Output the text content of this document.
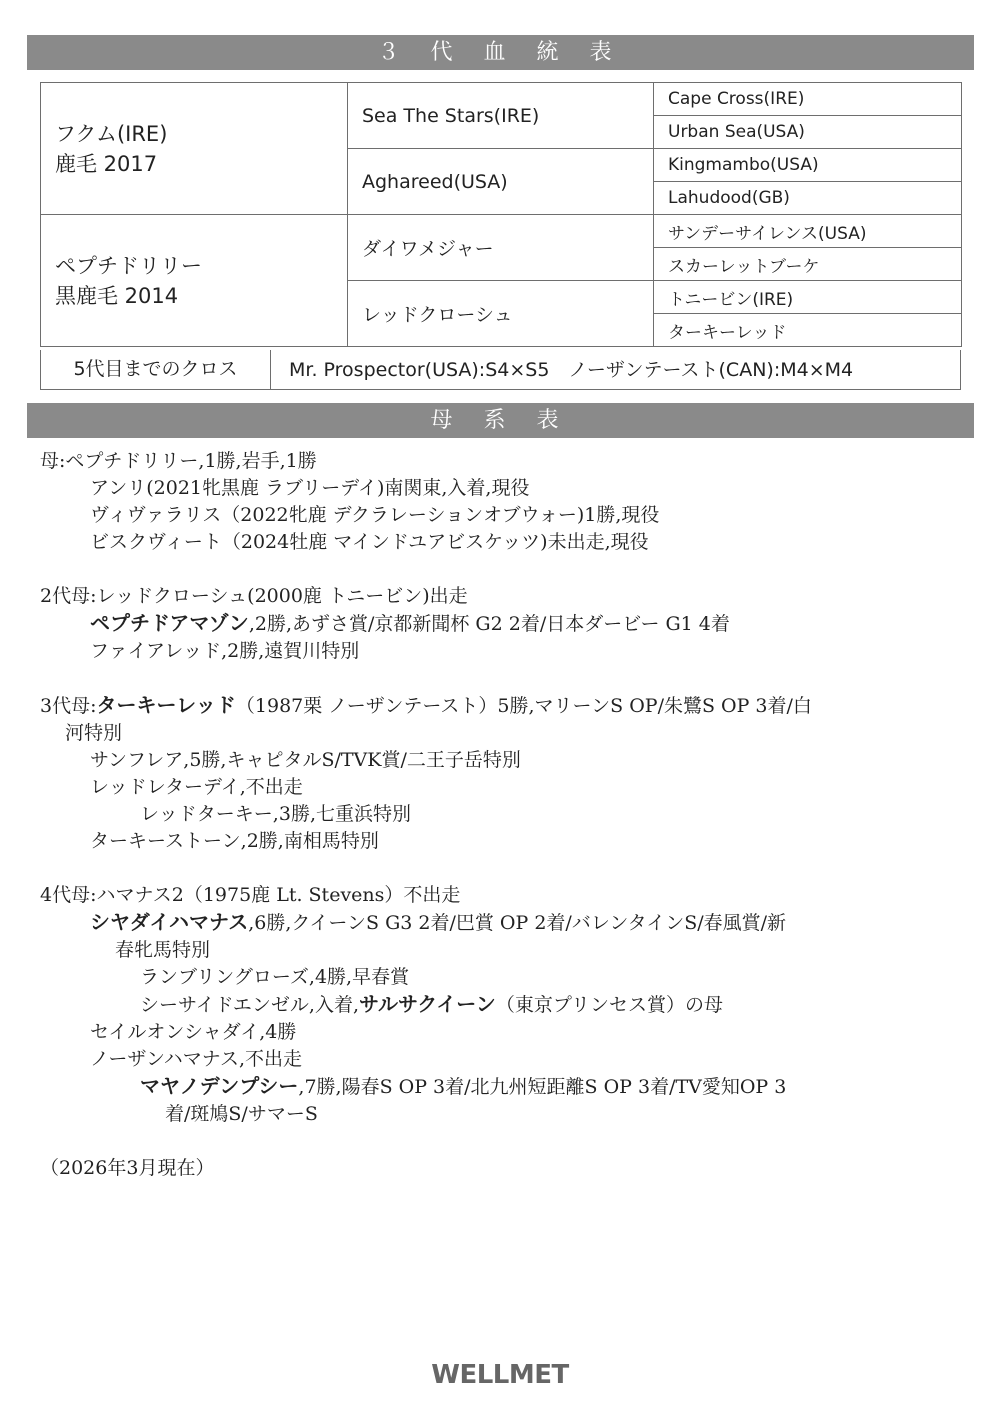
３ 代 血 統 表
フクム(IRE)
鹿毛 2017	Sea The Stars(IRE)	Cape Cross(IRE)
		Urban Sea(USA)
	Aghareed(USA)	Kingmambo(USA)
		Lahudood(GB)

ペプチドリリー
黒鹿毛 2014	ダイワメジャー	サンデーサイレンス(USA)
		スカーレットブーケ
	レッドクローシュ	トニービン(IRE)
		ターキーレッド
5代目までのクロス	Mr. Prospector(USA):S4×S5　ノーザンテースト(CAN):M4×M4
母 系 表
母:ペプチドリリー,1勝,岩手,1勝
アンリ(2021牝黒鹿 ラブリーデイ)南関東,入着,現役
ヴィヴァラリス（2022牝鹿 デクラレーションオブウォー)1勝,現役
ビスクヴィート（2024牡鹿 マインドユアビスケッツ)未出走,現役
2代母:レッドクローシュ(2000鹿 トニービン)出走
ペプチドアマゾン,2勝,あずさ賞/京都新聞杯 G2 2着/日本ダービー G1 4着
ファイアレッド,2勝,遠賀川特別
3代母:ターキーレッド（1987栗 ノーザンテースト）5勝,マリーンS OP/朱鷺S OP 3着/白
河特別
サンフレア,5勝,キャピタルS/TVK賞/二王子岳特別
レッドレターデイ,不出走
レッドターキー,3勝,七重浜特別
ターキーストーン,2勝,南相馬特別
4代母:ハマナス2（1975鹿 Lt. Stevens）不出走
シヤダイハマナス,6勝,クイーンS G3 2着/巴賞 OP 2着/バレンタインS/春風賞/新
春牝馬特別
ランブリングローズ,4勝,早春賞
シーサイドエンゼル,入着,サルサクイーン（東京プリンセス賞）の母
セイルオンシャダイ,4勝
ノーザンハマナス,不出走
マヤノデンプシー,7勝,陽春S OP 3着/北九州短距離S OP 3着/TV愛知OP 3
着/斑鳩S/サマーS
（2026年3月現在）
WELLMET
